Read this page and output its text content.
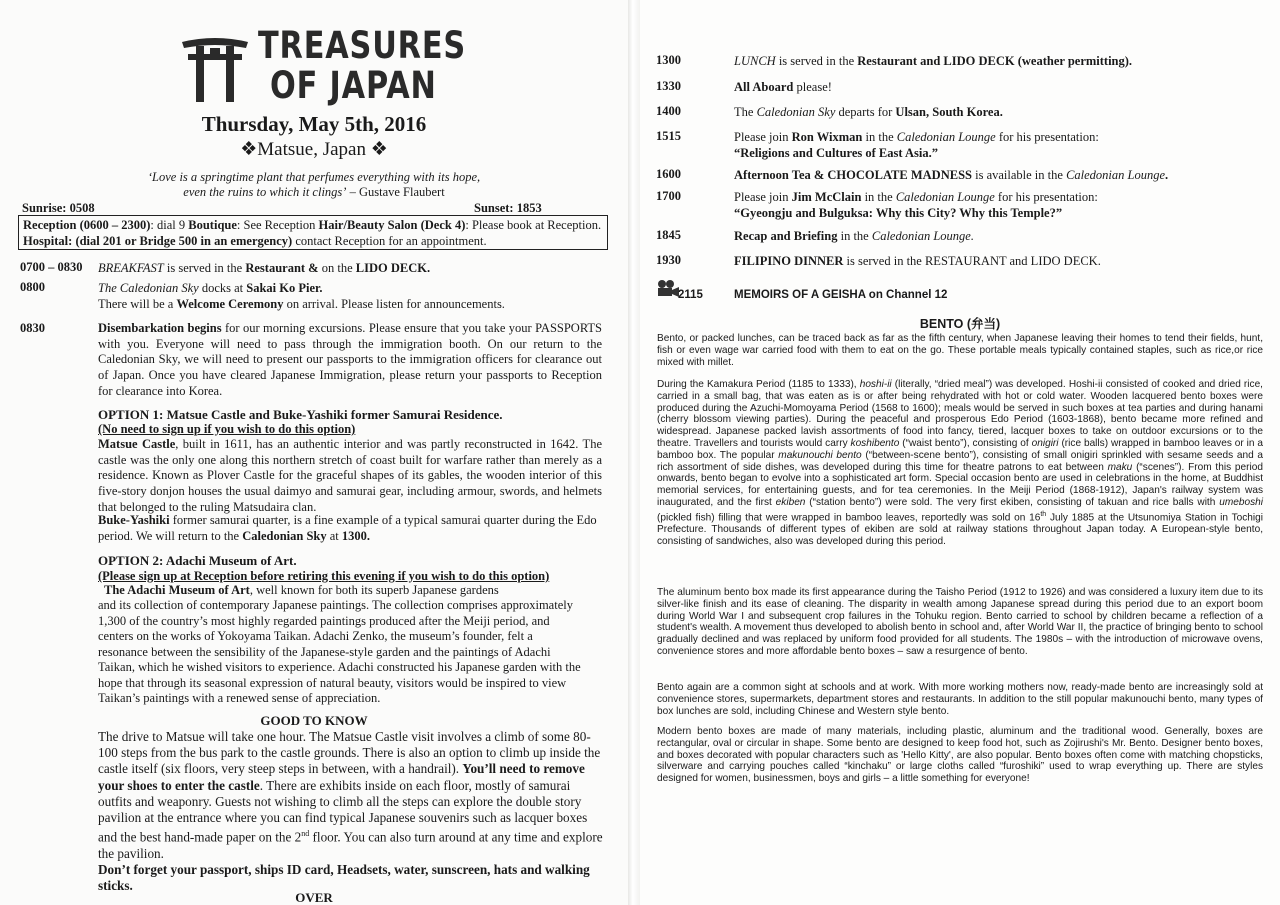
TREASURES
OF JAPAN
Thursday, May 5th, 2016
❖Matsue, Japan ❖
‘Love is a springtime plant that perfumes everything with its hope,
even the ruins to which it clings’ – Gustave Flaubert
Sunrise: 0508	Sunset: 1853
Reception (0600 – 2300): dial 9 Boutique: See Reception Hair/Beauty Salon (Deck 4): Please book at Reception. Hospital: (dial 201 or Bridge 500 in an emergency) contact Reception for an appointment.
0700 – 0830 BREAKFAST is served in the Restaurant & on the LIDO DECK.
0800	The Caledonian Sky docks at Sakai Ko Pier.
There will be a Welcome Ceremony on arrival. Please listen for announcements.
0830	Disembarkation begins for our morning excursions. Please ensure that you take your PASSPORTS with you. Everyone will need to pass through the immigration booth. On our return to the Caledonian Sky, we will need to present our passports to the immigration officers for clearance out of Japan. Once you have cleared Japanese Immigration, please return your passports to Reception for clearance into Korea.
OPTION 1: Matsue Castle and Buke-Yashiki former Samurai Residence.
(No need to sign up if you wish to do this option)
Matsue Castle, built in 1611, has an authentic interior and was partly reconstructed in 1642. The castle was the only one along this northern stretch of coast built for warfare rather than merely as a residence. Known as Plover Castle for the graceful shapes of its gables, the wooden interior of this five-story donjon houses the usual daimyo and samurai gear, including armour, swords, and helmets that belonged to the ruling Matsudaira clan.
Buke-Yashiki former samurai quarter, is a fine example of a typical samurai quarter during the Edo period. We will return to the Caledonian Sky at 1300.
OPTION 2: Adachi Museum of Art.
(Please sign up at Reception before retiring this evening if you wish to do this option)
The Adachi Museum of Art, well known for both its superb Japanese gardens
and its collection of contemporary Japanese paintings. The collection comprises approximately
1,300 of the country’s most highly regarded paintings produced after the Meiji period, and
centers on the works of Yokoyama Taikan. Adachi Zenko, the museum’s founder, felt a
resonance between the sensibility of the Japanese-style garden and the paintings of Adachi
Taikan, which he wished visitors to experience. Adachi constructed his Japanese garden with the
hope that through its seasonal expression of natural beauty, visitors would be inspired to view
Taikan’s paintings with a renewed sense of appreciation.
GOOD TO KNOW
The drive to Matsue will take one hour. The Matsue Castle visit involves a climb of some 80-100 steps from the bus park to the castle grounds. There is also an option to climb up inside the castle itself (six floors, very steep steps in between, with a handrail). You’ll need to remove your shoes to enter the castle. There are exhibits inside on each floor, mostly of samurai outfits and weaponry. Guests not wishing to climb all the steps can explore the double story pavilion at the entrance where you can find typical Japanese souvenirs such as lacquer boxes and the best hand-made paper on the 2nd floor. You can also turn around at any time and explore the pavilion.
Don’t forget your passport, ships ID card, Headsets, water, sunscreen, hats and walking sticks.
OVER
1300	LUNCH is served in the Restaurant and LIDO DECK (weather permitting).
1330	All Aboard please!
1400	The Caledonian Sky departs for Ulsan, South Korea.
1515	Please join Ron Wixman in the Caledonian Lounge for his presentation:
“Religions and Cultures of East Asia.”
1600	Afternoon Tea & CHOCOLATE MADNESS is available in the Caledonian Lounge.
1700	Please join Jim McClain in the Caledonian Lounge for his presentation:
“Gyeongju and Bulguksa: Why this City? Why this Temple?”
1845	Recap and Briefing in the Caledonian Lounge.
1930	FILIPINO DINNER is served in the RESTAURANT and LIDO DECK.
2115	MEMOIRS OF A GEISHA on Channel 12
BENTO (弁当)
Bento, or packed lunches, can be traced back as far as the fifth century, when Japanese leaving their homes to tend their fields, hunt, fish or even wage war carried food with them to eat on the go. These portable meals typically contained staples, such as rice,or rice mixed with millet.
During the Kamakura Period (1185 to 1333), hoshi-ii (literally, “dried meal”) was developed. Hoshi-ii consisted of cooked and dried rice, carried in a small bag, that was eaten as is or after being rehydrated with hot or cold water. Wooden lacquered bento boxes were produced during the Azuchi-Momoyama Period (1568 to 1600); meals would be served in such boxes at tea parties and during hanami (cherry blossom viewing parties). During the peaceful and prosperous Edo Period (1603-1868), bento became more refined and widespread. Japanese packed lavish assortments of food into fancy, tiered, lacquer boxes to take on outdoor excursions or to the theatre. Travellers and tourists would carry koshibento (“waist bento”), consisting of onigiri (rice balls) wrapped in bamboo leaves or in a bamboo box. The popular makunouchi bento (“between-scene bento”), consisting of small onigiri sprinkled with sesame seeds and a rich assortment of side dishes, was developed during this time for theatre patrons to eat between maku (“scenes”). From this period onwards, bento began to evolve into a sophisticated art form. Special occasion bento are used in celebrations in the home, at Buddhist memorial services, for entertaining guests, and for tea ceremonies. In the Meiji Period (1868-1912), Japan's railway system was inaugurated, and the first ekiben (“station bento”) were sold. The very first ekiben, consisting of takuan and rice balls with umeboshi (pickled fish) filling that were wrapped in bamboo leaves, reportedly was sold on 16th July 1885 at the Utsunomiya Station in Tochigi Prefecture. Thousands of different types of ekiben are sold at railway stations throughout Japan today. A European-style bento, consisting of sandwiches, also was developed during this period.
The aluminum bento box made its first appearance during the Taisho Period (1912 to 1926) and was considered a luxury item due to its silver-like finish and its ease of cleaning. The disparity in wealth among Japanese spread during this period due to an export boom during World War I and subsequent crop failures in the Tohuku region. Bento carried to school by children became a reflection of a student's wealth. A movement thus developed to abolish bento in school and, after World War II, the practice of bringing bento to school gradually declined and was replaced by uniform food provided for all students. The 1980s – with the introduction of microwave ovens, convenience stores and more affordable bento boxes – saw a resurgence of bento.
Bento again are a common sight at schools and at work. With more working mothers now, ready-made bento are increasingly sold at convenience stores, supermarkets, department stores and restaurants. In addition to the still popular makunouchi bento, many types of box lunches are sold, including Chinese and Western style bento.
Modern bento boxes are made of many materials, including plastic, aluminum and the traditional wood. Generally, boxes are rectangular, oval or circular in shape. Some bento are designed to keep food hot, such as Zojirushi's Mr. Bento. Designer bento boxes, and boxes decorated with popular characters such as 'Hello Kitty', are also popular. Bento boxes often come with matching chopsticks, silverware and carrying pouches called “kinchaku” or large cloths called “furoshiki” used to wrap everything up. There are styles designed for women, businessmen, boys and girls – a little something for everyone!
